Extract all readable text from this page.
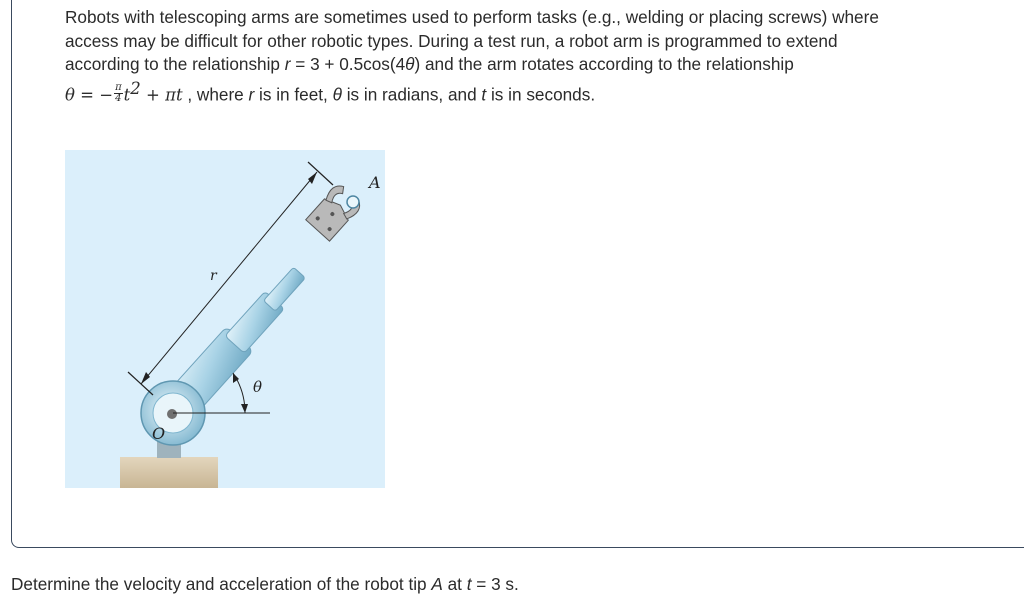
Robots with telescoping arms are sometimes used to perform tasks (e.g., welding or placing screws) where

access may be difficult for other robotic types. During a test run, a robot arm is programmed to extend

according to the relationship r = 3 + 0.5cos(4θ) and the arm rotates according to the relationship

θ = − $\frac{\pi}{4} t^2 + \pi t$ , where r is in feet, θ is in radians, and t is in seconds.

A
r
θ
O
Determine the velocity and acceleration of the robot tip A at t = 3 s.
